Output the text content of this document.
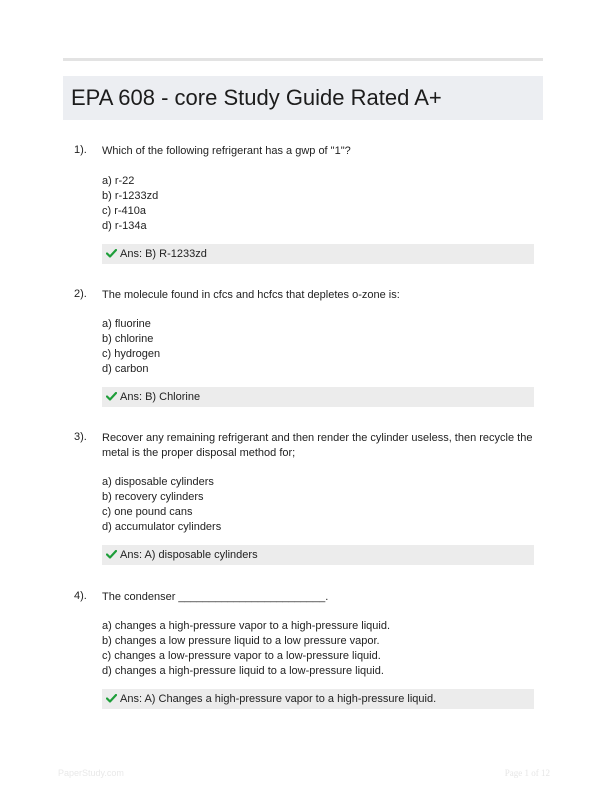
EPA 608 - core Study Guide Rated A+
1). Which of the following refrigerant has a gwp of "1"?
a) r-22
b) r-1233zd
c) r-410a
d) r-134a
Ans: B) R-1233zd
2). The molecule found in cfcs and hcfcs that depletes o-zone is:
a) fluorine
b) chlorine
c) hydrogen
d) carbon
Ans: B) Chlorine
3). Recover any remaining refrigerant and then render the cylinder useless, then recycle the metal is the proper disposal method for;
a) disposable cylinders
b) recovery cylinders
c) one pound cans
d) accumulator cylinders
Ans: A) disposable cylinders
4). The condenser ________________________.
a) changes a high-pressure vapor to a high-pressure liquid.
b) changes a low pressure liquid to a low pressure vapor.
c) changes a low-pressure vapor to a low-pressure liquid.
d) changes a high-pressure liquid to a low-pressure liquid.
Ans: A) Changes a high-pressure vapor to a high-pressure liquid.
PaperStudy.com	Page 1 of 12
